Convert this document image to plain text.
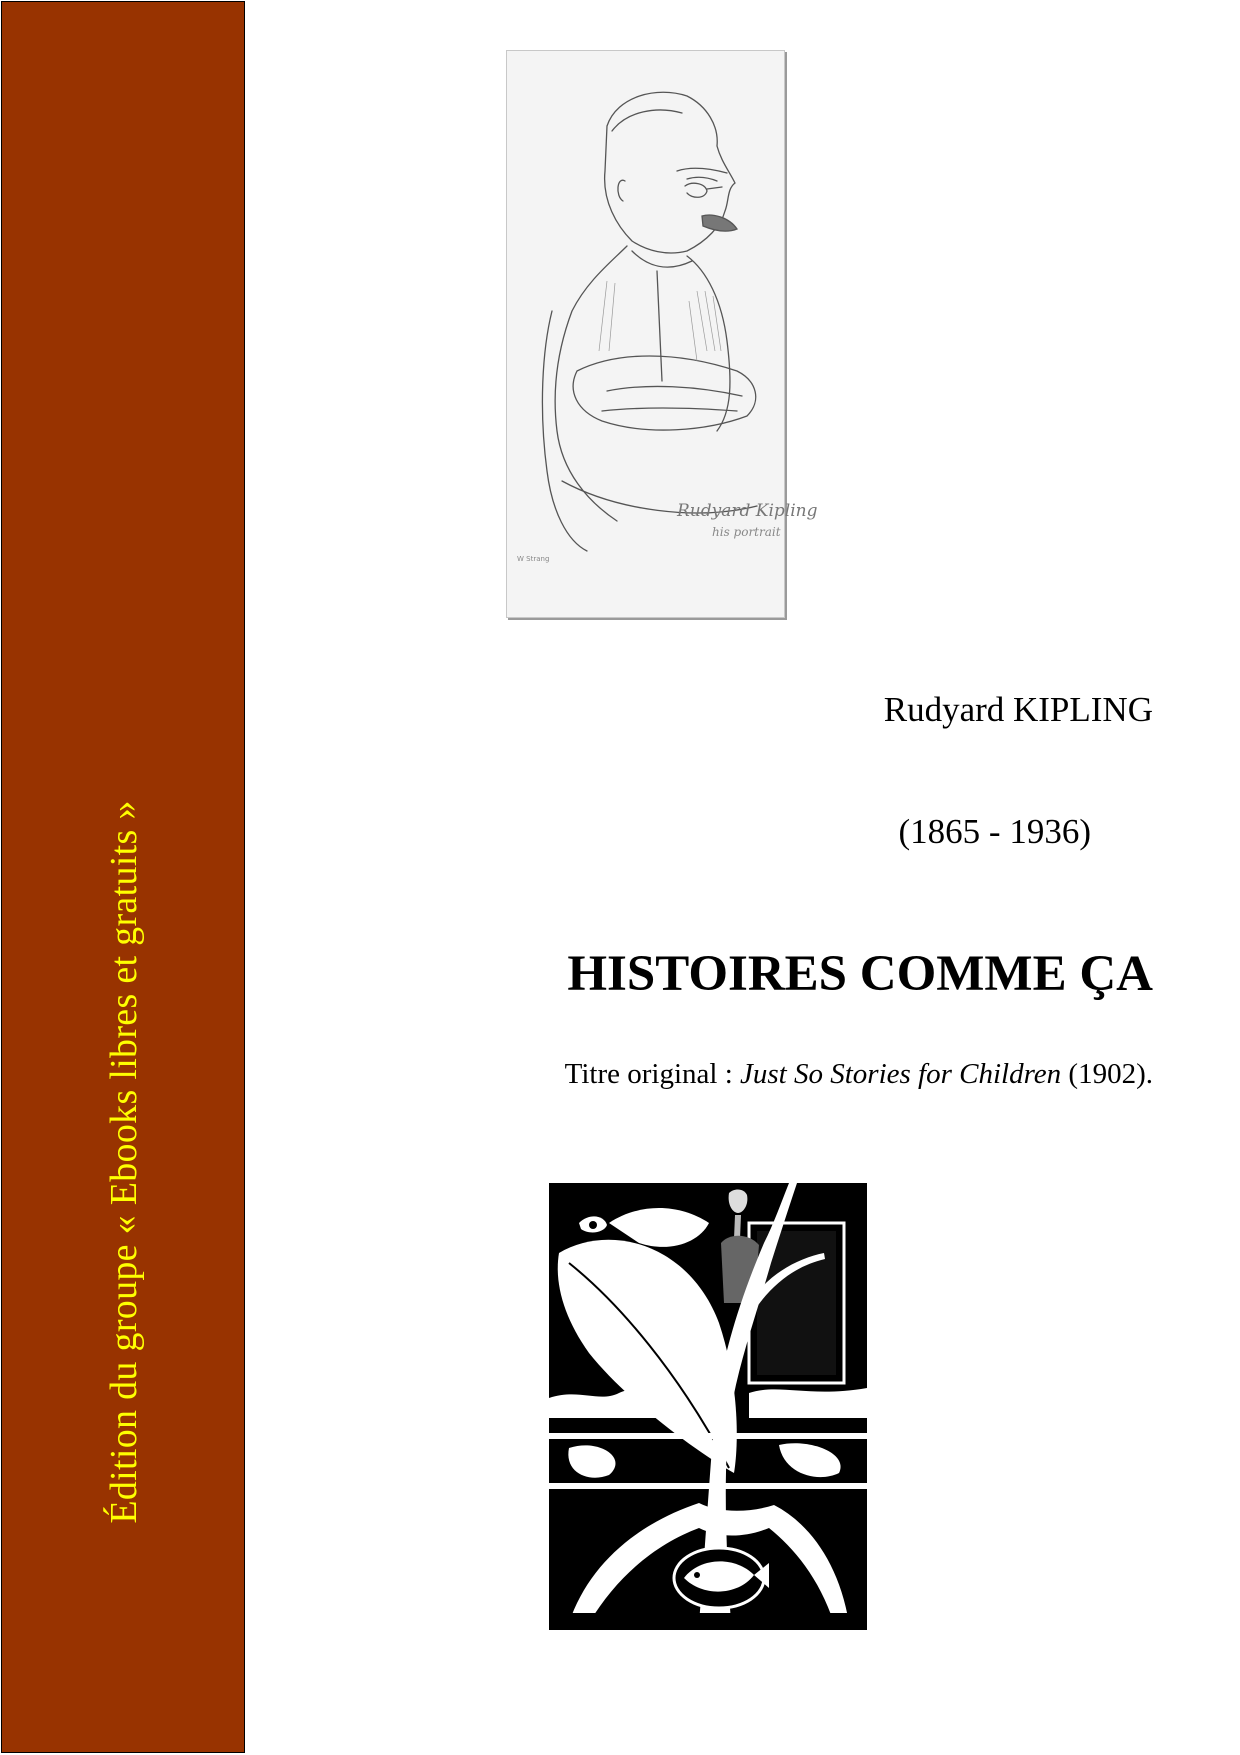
Édition du groupe « Ebooks libres et gratuits »
Rudyard Kipling
his portrait
W Strang
Rudyard KIPLING
(1865 - 1936)
HISTOIRES COMME ÇA
Titre original : Just So Stories for Children (1902).
